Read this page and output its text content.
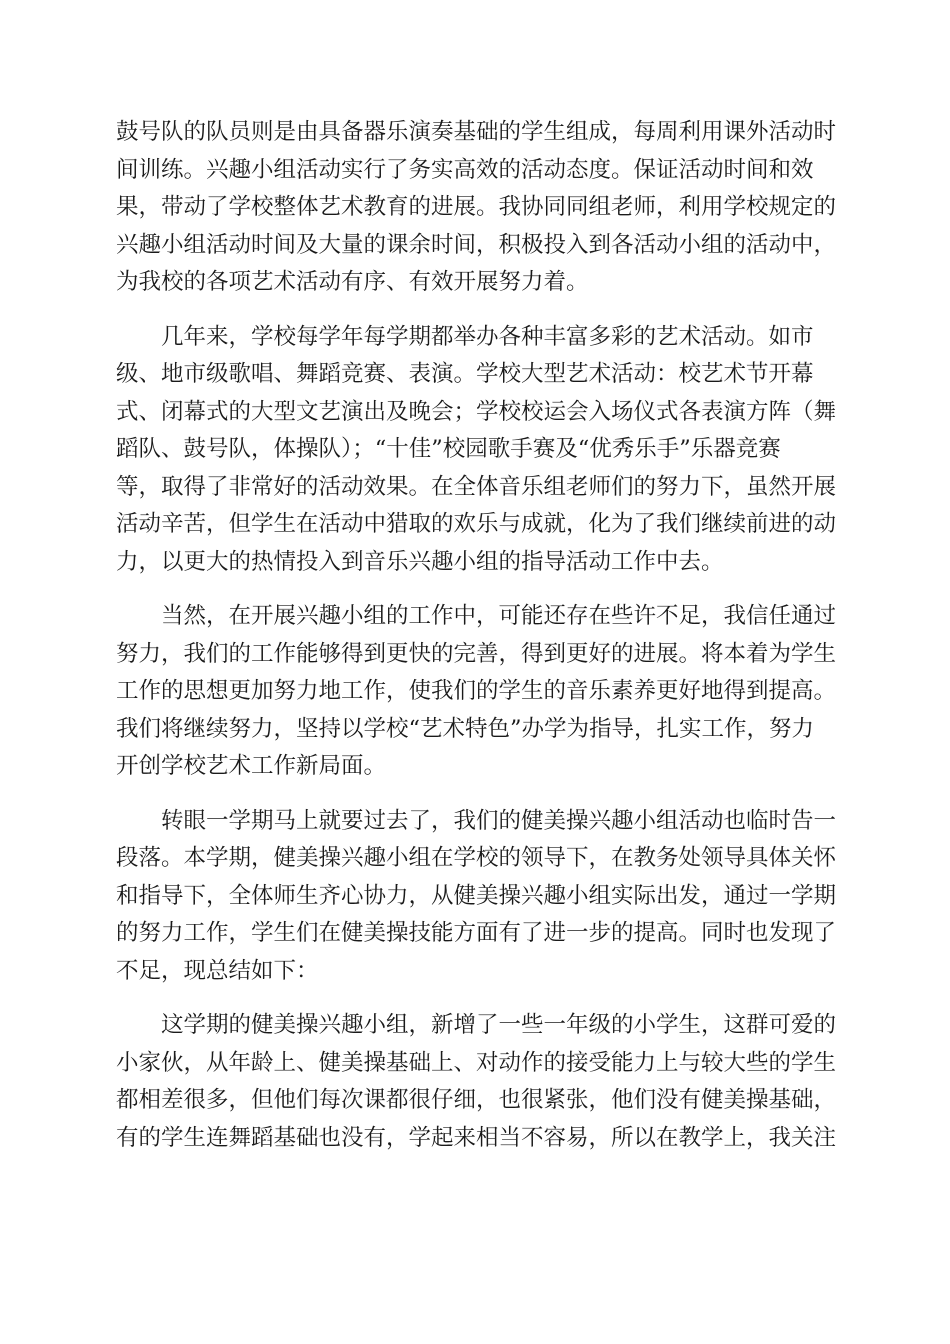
鼓号队的队员则是由具备器乐演奏基础的学生组成，每周利用课外活动时
间训练。兴趣小组活动实行了务实高效的活动态度。保证活动时间和效
果，带动了学校整体艺术教育的进展。我协同同组老师，利用学校规定的
兴趣小组活动时间及大量的课余时间，积极投入到各活动小组的活动中，
为我校的各项艺术活动有序、有效开展努力着。

几年来，学校每学年每学期都举办各种丰富多彩的艺术活动。如市
级、地市级歌唱、舞蹈竞赛、表演。学校大型艺术活动：校艺术节开幕
式、闭幕式的大型文艺演出及晚会；学校校运会入场仪式各表演方阵（舞
蹈队、鼓号队，体操队）；“十佳”校园歌手赛及“优秀乐手”乐器竞赛
等，取得了非常好的活动效果。在全体音乐组老师们的努力下，虽然开展
活动辛苦，但学生在活动中猎取的欢乐与成就，化为了我们继续前进的动
力，以更大的热情投入到音乐兴趣小组的指导活动工作中去。

当然，在开展兴趣小组的工作中，可能还存在些许不足，我信任通过
努力，我们的工作能够得到更快的完善，得到更好的进展。将本着为学生
工作的思想更加努力地工作，使我们的学生的音乐素养更好地得到提高。
我们将继续努力，坚持以学校“艺术特色”办学为指导，扎实工作，努力
开创学校艺术工作新局面。

转眼一学期马上就要过去了，我们的健美操兴趣小组活动也临时告一
段落。本学期，健美操兴趣小组在学校的领导下，在教务处领导具体关怀
和指导下，全体师生齐心协力，从健美操兴趣小组实际出发，通过一学期
的努力工作，学生们在健美操技能方面有了进一步的提高。同时也发现了
不足，现总结如下：

这学期的健美操兴趣小组，新增了一些一年级的小学生，这群可爱的
小家伙，从年龄上、健美操基础上、对动作的接受能力上与较大些的学生
都相差很多，但他们每次课都很仔细，也很紧张，他们没有健美操基础，
有的学生连舞蹈基础也没有，学起来相当不容易，所以在教学上，我关注
